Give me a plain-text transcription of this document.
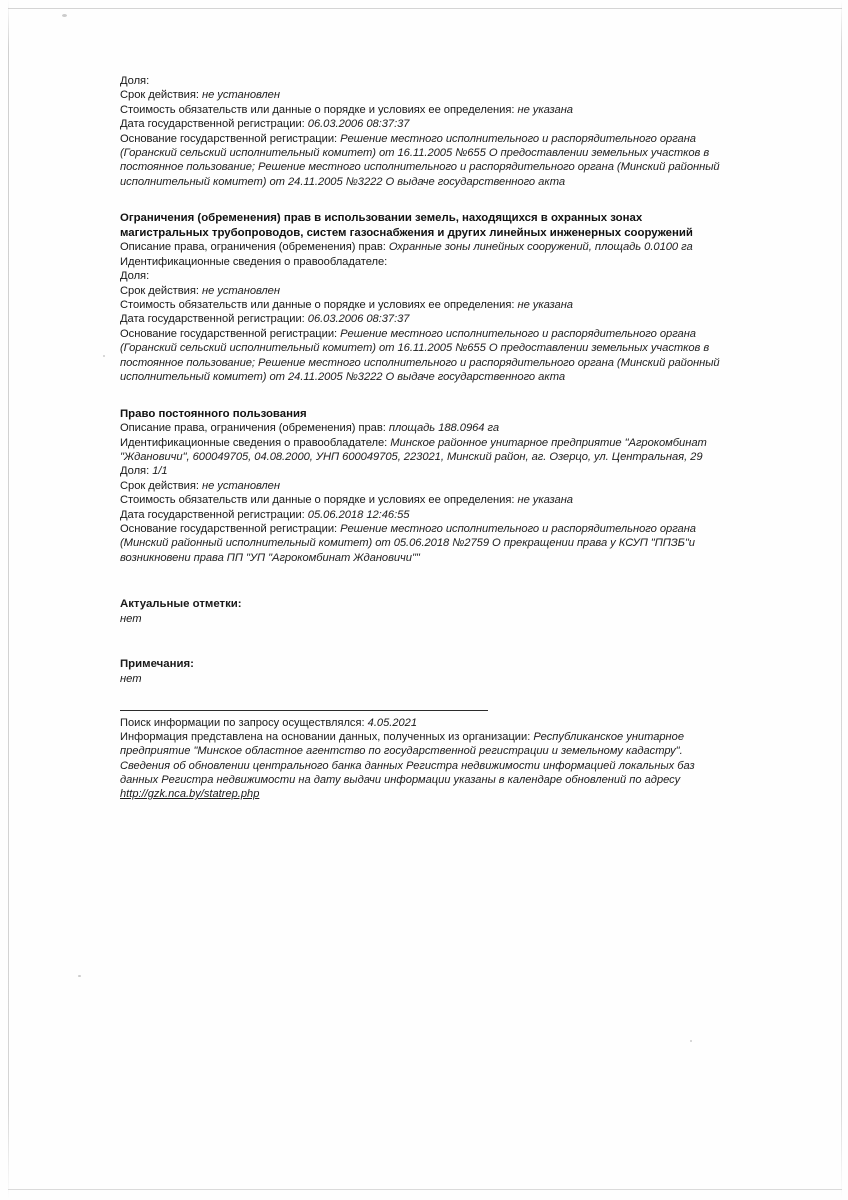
Доля:

Срок действия: не установлен

Стоимость обязательств или данные о порядке и условиях ее определения: не указана

Дата государственной регистрации: 06.03.2006 08:37:37

Основание государственной регистрации: Решение местного исполнительного и распорядительного органа (Горанский сельский исполнительный комитет) от 16.11.2005 №655 О предоставлении земельных участков в постоянное пользование; Решение местного исполнительного и распорядительного органа (Минский районный исполнительный комитет) от 24.11.2005 №3222 О выдаче государственного акта

Ограничения (обременения) прав в использовании земель, находящихся в охранных зонах магистральных трубопроводов, систем газоснабжения и других линейных инженерных сооружений

Описание права, ограничения (обременения) прав: Охранные зоны линейных сооружений, площадь 0.0100 га

Идентификационные сведения о правообладателе:

Доля:

Срок действия: не установлен

Стоимость обязательств или данные о порядке и условиях ее определения: не указана

Дата государственной регистрации: 06.03.2006 08:37:37

Основание государственной регистрации: Решение местного исполнительного и распорядительного органа (Горанский сельский исполнительный комитет) от 16.11.2005 №655 О предоставлении земельных участков в постоянное пользование; Решение местного исполнительного и распорядительного органа (Минский районный исполнительный комитет) от 24.11.2005 №3222 О выдаче государственного акта

Право постоянного пользования

Описание права, ограничения (обременения) прав: площадь 188.0964 га

Идентификационные сведения о правообладателе: Минское районное унитарное предприятие "Агрокомбинат "Ждановичи", 600049705, 04.08.2000, УНП 600049705, 223021, Минский район, аг. Озерцо, ул. Центральная, 29

Доля: 1/1

Срок действия: не установлен

Стоимость обязательств или данные о порядке и условиях ее определения: не указана

Дата государственной регистрации: 05.06.2018 12:46:55

Основание государственной регистрации: Решение местного исполнительного и распорядительного органа (Минский районный исполнительный комитет) от 05.06.2018 №2759 О прекращении права у КСУП "ППЗБ"и возникновени права ПП "УП "Агрокомбинат Ждановичи""

Актуальные отметки:

нет

Примечания:

нет

Поиск информации по запросу осуществлялся: 4.05.2021

Информация представлена на основании данных, полученных из организации: Республиканское унитарное предприятие "Минское областное агентство по государственной регистрации и земельному кадастру".

Сведения об обновлении центрального банка данных Регистра недвижимости информацией локальных баз данных Регистра недвижимости на дату выдачи информации указаны в календаре обновлений по адресу

http://gzk.nca.by/statrep.php
